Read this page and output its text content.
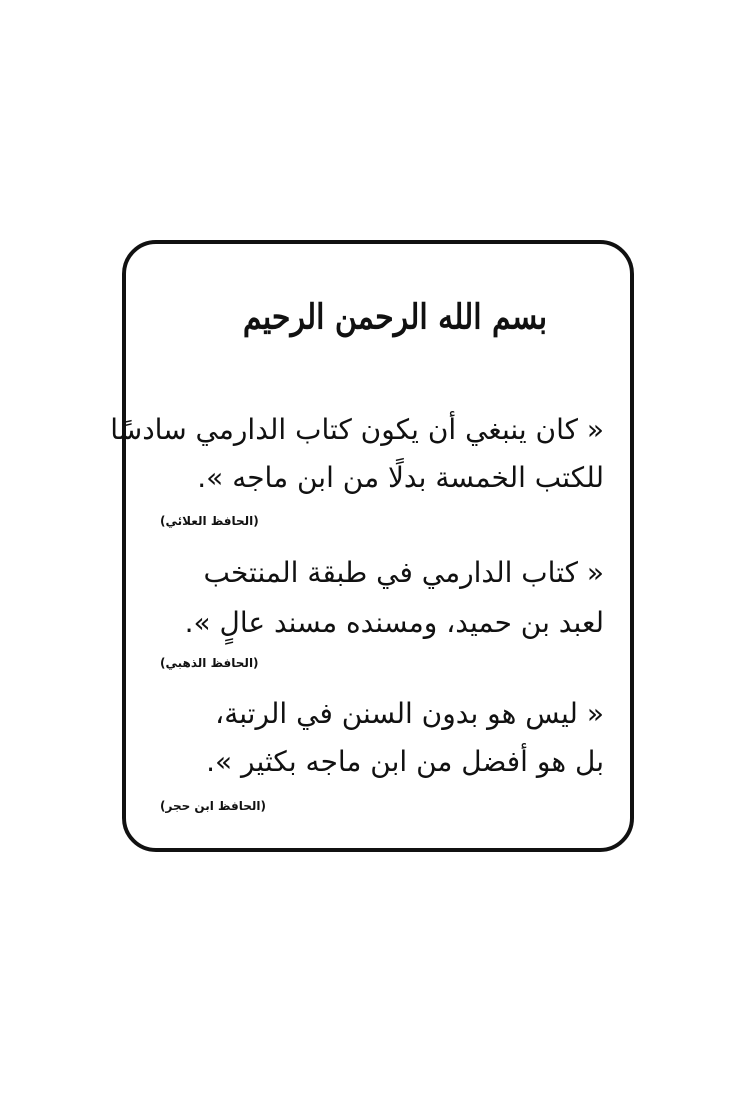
بسم الله الرحمن الرحيم
« كان ينبغي أن يكون كتاب الدارمي سادسًا
للكتب الخمسة بدلًا من ابن ماجه ».
(الحافظ العلائي)
« كتاب الدارمي في طبقة المنتخب
لعبد بن حميد، ومسنده مسند عالٍ ».
(الحافظ الذهبي)
« ليس هو بدون السنن في الرتبة،
بل هو أفضل من ابن ماجه بكثير ».
(الحافظ ابن حجر)
